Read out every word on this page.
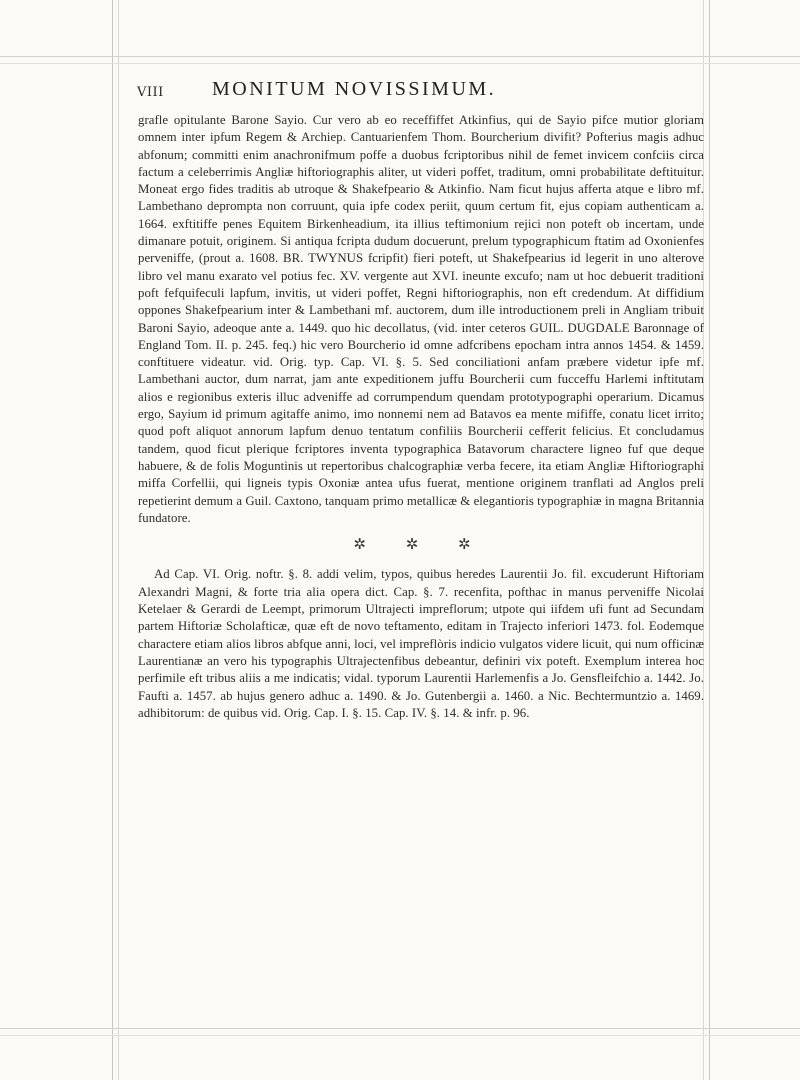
VIII MONITUM NOVISSIMUM.

grafle opitulante Barone Sayio. Cur vero ab eo receffiffet Atkinfius, qui de Sayio pifce mutior gloriam omnem inter ipfum Regem & Archiep. Cantuarienfem Thom. Bourcherium divifit? Pofterius magis adhuc abfonum; committi enim anachronifmum poffe a duobus fcriptoribus nihil de femet invicem confciis circa factum a celeberrimis Angliæ hiftoriographis aliter, ut videri poffet, traditum, omni probabilitate deftituitur. Moneat ergo fides traditis ab utroque & Shakefpeario & Atkinfio. Nam ficut hujus afferta atque e libro mf. Lambethano deprompta non corruunt, quia ipfe codex periit, quum certum fit, ejus copiam authenticam a. 1664. exftitiffe penes Equitem Birkenheadium, ita illius teftimonium rejici non poteft ob incertam, unde dimanare potuit, originem. Si antiqua fcripta dudum docuerunt, prelum typographicum ftatim ad Oxonienfes perveniffe, (prout a. 1608. BR. TWYNUS fcripfit) fieri poteft, ut Shakefpearius id legerit in uno alterove libro vel manu exarato vel potius fec. XV. vergente aut XVI. ineunte excufo; nam ut hoc debuerit traditioni poft fefquifeculi lapfum, invitis, ut videri poffet, Regni hiftoriographis, non eft credendum. At diffidium oppones Shakefpearium inter & Lambethani mf. auctorem, dum ille introductionem preli in Angliam tribuit Baroni Sayio, adeoque ante a. 1449. quo hic decollatus, (vid. inter ceteros GUIL. DUGDALE Baronnage of England Tom. II. p. 245. feq.) hic vero Bourcherio id omne adfcribens epocham intra annos 1454. & 1459. conftituere videatur. vid. Orig. typ. Cap. VI. §. 5. Sed conciliationi anfam præbere videtur ipfe mf. Lambethani auctor, dum narrat, jam ante expeditionem juffu Bourcherii cum fucceffu Harlemi inftitutam alios e regionibus exteris illuc adveniffe ad corrumpendum quendam prototypographi operarium. Dicamus ergo, Sayium id primum agitaffe animo, imo nonnemi nem ad Batavos ea mente mififfe, conatu licet irrito; quod poft aliquot annorum lapfum denuo tentatum confiliis Bourcherii cefferit felicius. Et concludamus tandem, quod ficut plerique fcriptores inventa typographica Batavorum charactere ligneo fuf que deque habuere, & de folis Moguntinis ut repertoribus chalcographiæ verba fecere, ita etiam Angliæ Hiftoriographi miffa Corfellii, qui ligneis typis Oxoniæ antea ufus fuerat, mentione originem tranflati ad Anglos preli repetierint demum a Guil. Caxtono, tanquam primo metallicæ & elegantioris typographiæ in magna Britannia fundatore.

✲ ✲ ✲

Ad Cap. VI. Orig. noftr. §. 8. addi velim, typos, quibus heredes Laurentii Jo. fil. excuderunt Hiftoriam Alexandri Magni, & forte tria alia opera dict. Cap. §. 7. recenfita, pofthac in manus perveniffe Nicolai Ketelaer & Gerardi de Leempt, primorum Ultrajecti impreflorum; utpote qui iifdem ufi funt ad Secundam partem Hiftoriæ Scholafticæ, quæ eft de novo teftamento, editam in Trajecto inferiori 1473. fol. Eodemque charactere etiam alios libros abfque anni, loci, vel impreflòris indicio vulgatos videre licuit, qui num officinæ Laurentianæ an vero his typographis Ultrajectenfibus debeantur, definiri vix poteft. Exemplum interea hoc perfimile eft tribus aliis a me indicatis; vidal. typorum Laurentii Harlemenfis a Jo. Gensfleifchio a. 1442. Jo. Faufti a. 1457. ab hujus genero adhuc a. 1490. & Jo. Gutenbergii a. 1460. a Nic. Bechtermuntzio a. 1469. adhibitorum: de quibus vid. Orig. Cap. I. §. 15. Cap. IV. §. 14. & infr. p. 96.
